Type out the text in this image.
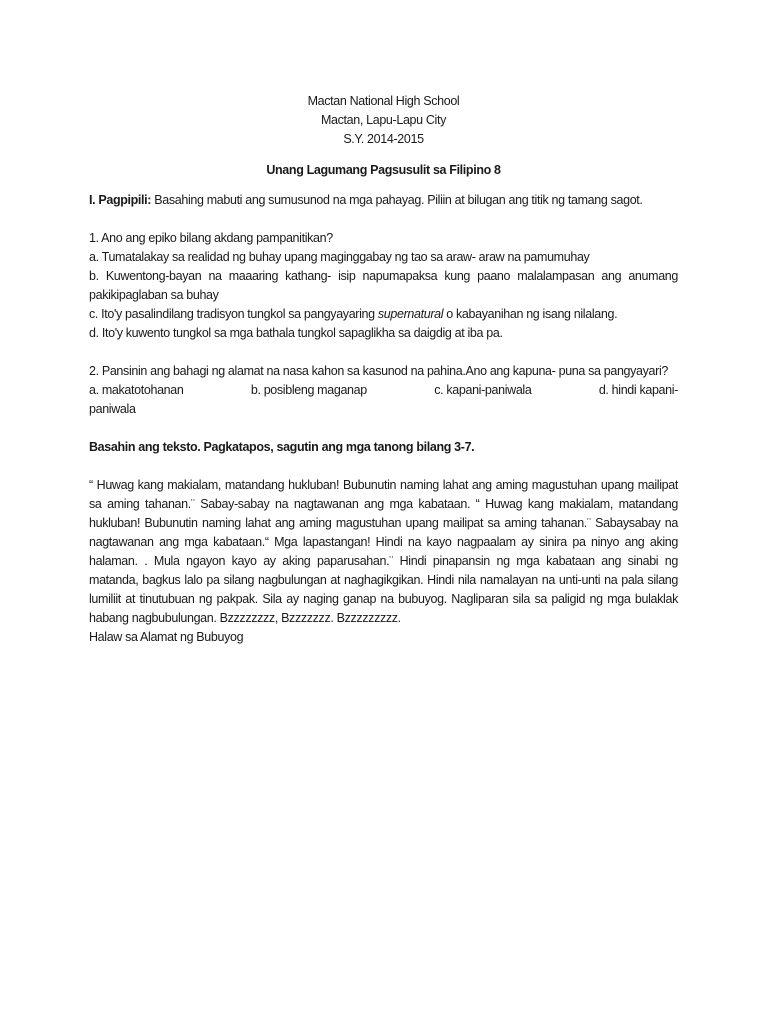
Mactan National High School
Mactan, Lapu-Lapu City
S.Y. 2014-2015
Unang Lagumang Pagsusulit sa Filipino 8
I. Pagpipili: Basahing mabuti ang sumusunod na mga pahayag. Piliin at bilugan ang titik ng tamang sagot.
1. Ano ang epiko bilang akdang pampanitikan?
a. Tumatalakay sa realidad ng buhay upang maginggabay ng tao sa araw- araw na pamumuhay
b. Kuwentong-bayan na maaaring kathang- isip napumapaksa kung paano malalampasan ang anumang pakikipaglaban sa buhay
c. Ito'y pasalindilang tradisyon tungkol sa pangyayaring supernatural o kabayanihan ng isang nilalang.
d. Ito'y kuwento tungkol sa mga bathala tungkol sapaglikha sa daigdig at iba pa.
2. Pansinin ang bahagi ng alamat na nasa kahon sa kasunod na pahina.Ano ang kapuna- puna sa pangyayari?
a. makatotohanan	b. posibleng maganap	c. kapani-paniwala	d. hindi kapani-
paniwala
Basahin ang teksto. Pagkatapos, sagutin ang mga tanong bilang 3-7.
“ Huwag kang makialam, matandang hukluban! Bubunutin naming lahat ang aming magustuhan upang mailipat sa aming tahanan.¨ Sabay-sabay na nagtawanan ang mga kabataan. “ Huwag kang makialam, matandang hukluban! Bubunutin naming lahat ang aming magustuhan upang mailipat sa aming tahanan.¨ Sabaysabay na nagtawanan ang mga kabataan.“ Mga lapastangan! Hindi na kayo nagpaalam ay sinira pa ninyo ang aking halaman. . Mula ngayon kayo ay aking paparusahan.¨ Hindi pinapansin ng mga kabataan ang sinabi ng matanda, bagkus lalo pa silang nagbulungan at naghagikgikan. Hindi nila namalayan na unti-unti na pala silang lumiliit at tinutubuan ng pakpak. Sila ay naging ganap na bubuyog. Nagliparan sila sa paligid ng mga bulaklak habang nagbubulungan. Bzzzzzzzz, Bzzzzzzz. Bzzzzzzzzz.
Halaw sa Alamat ng Bubuyog
